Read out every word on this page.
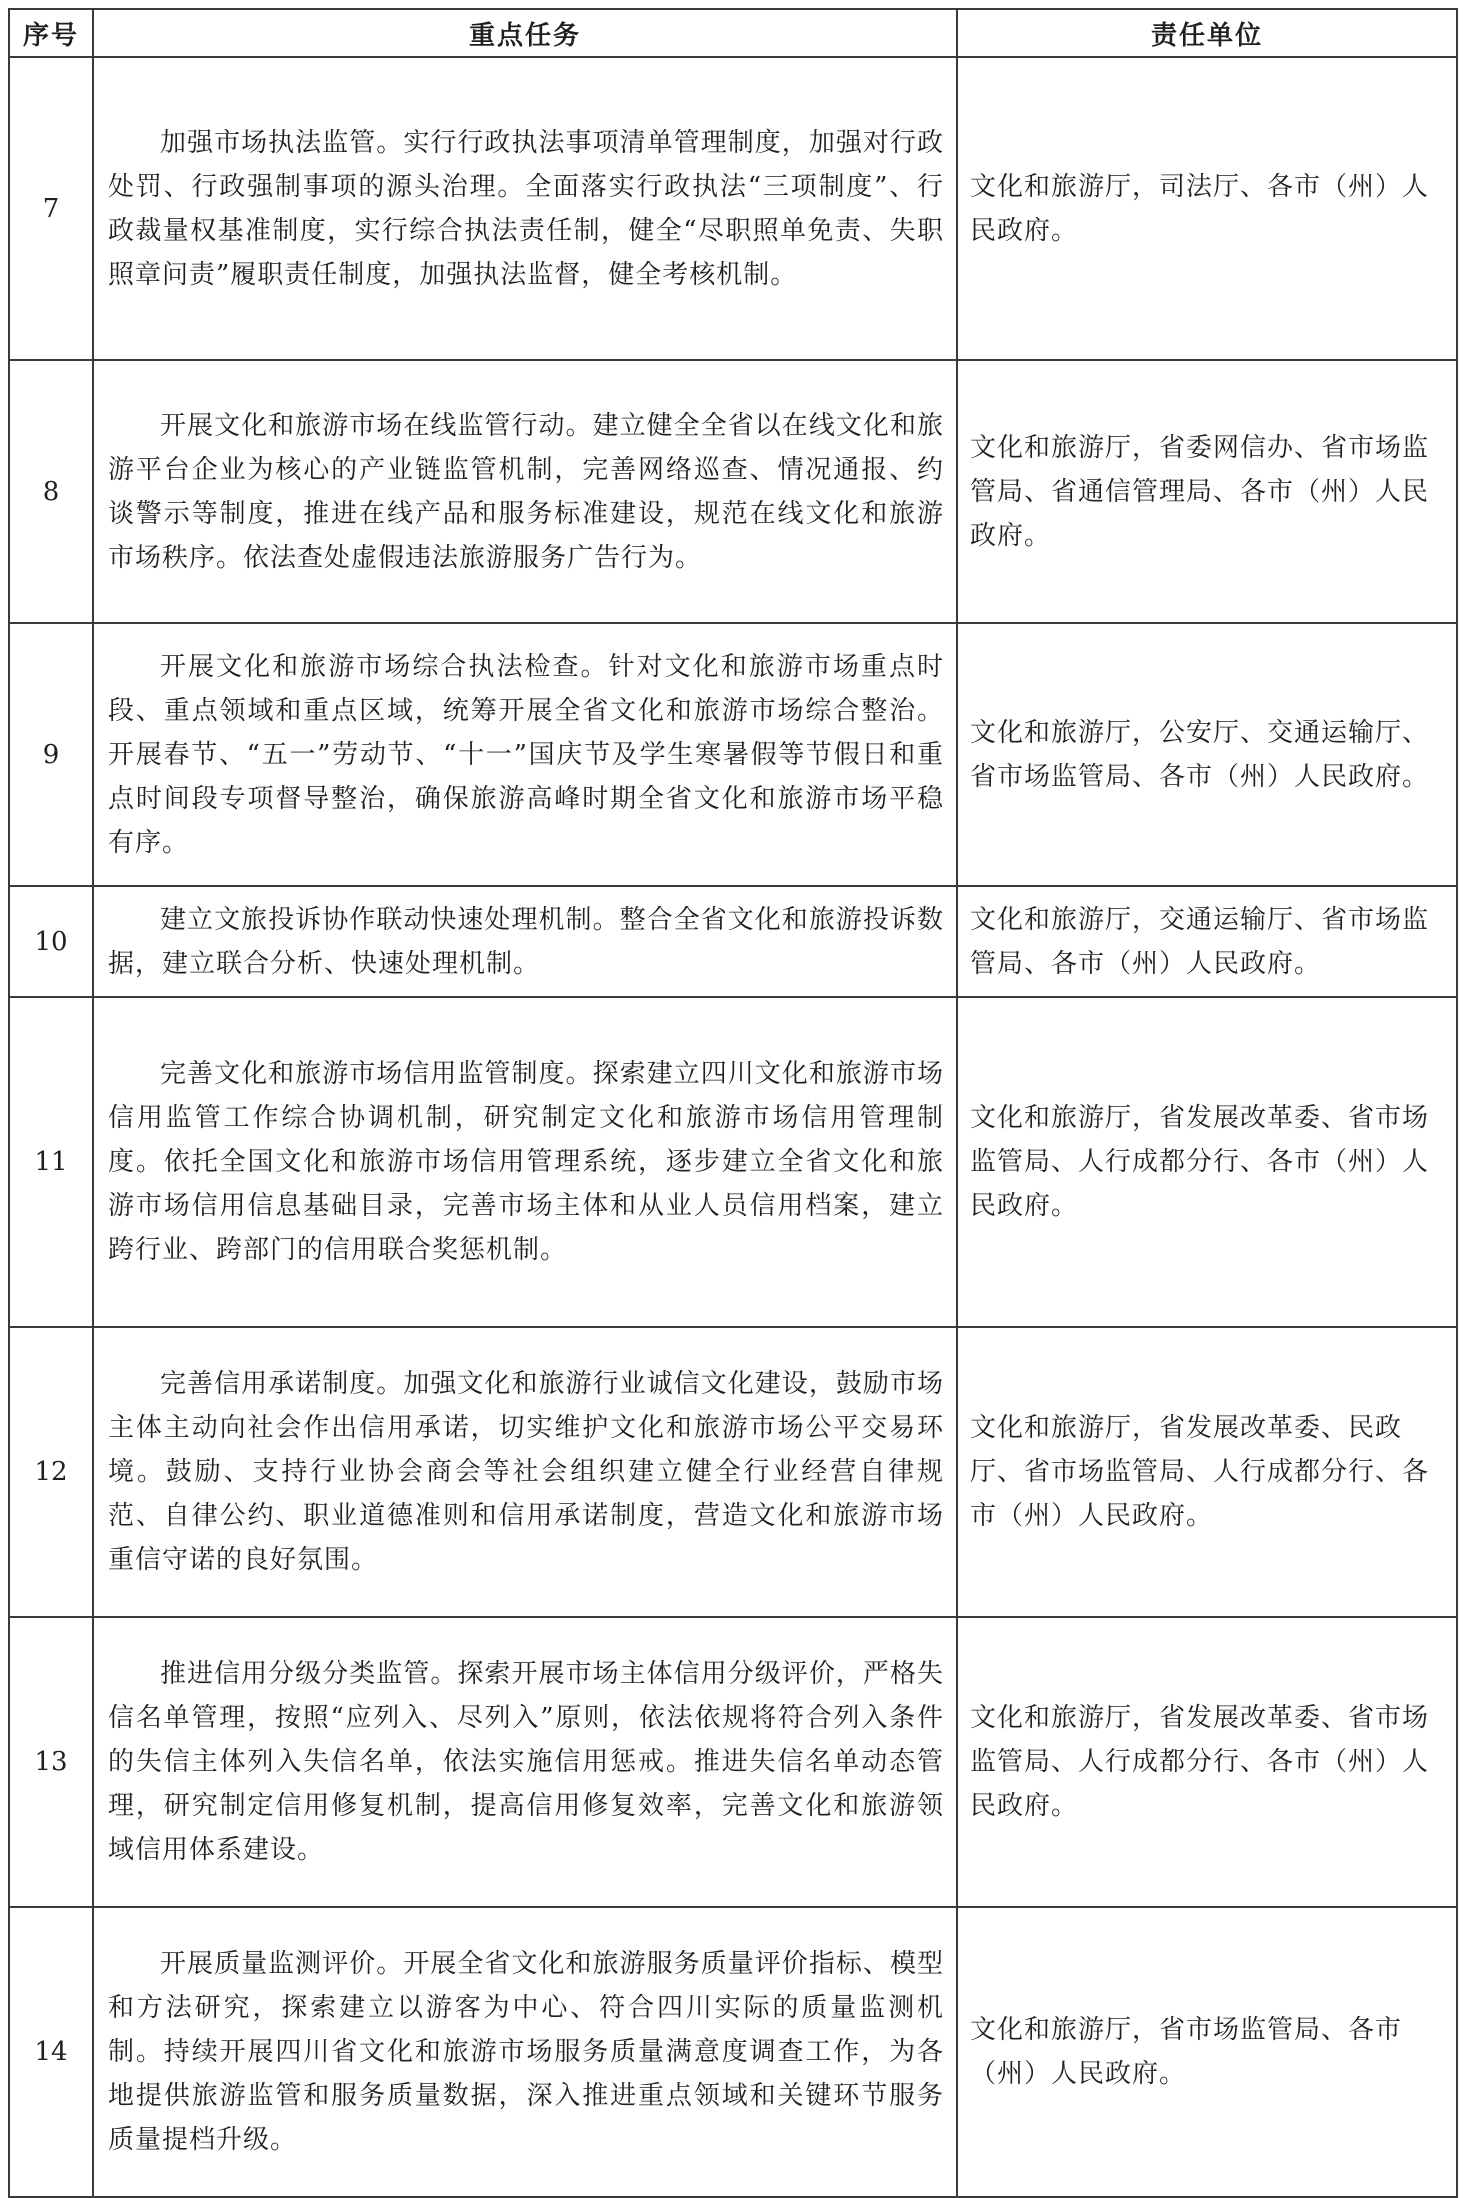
序号	重点任务	责任单位
7	加强市场执法监管。实行行政执法事项清单管理制度，加强对行政处罚、行政强制事项的源头治理。全面落实行政执法“三项制度”、行政裁量权基准制度，实行综合执法责任制，健全“尽职照单免责、失职照章问责”履职责任制度，加强执法监督，健全考核机制。	文化和旅游厅，司法厅、各市（州）人民政府。

8	开展文化和旅游市场在线监管行动。建立健全全省以在线文化和旅游平台企业为核心的产业链监管机制，完善网络巡查、情况通报、约谈警示等制度，推进在线产品和服务标准建设，规范在线文化和旅游市场秩序。依法查处虚假违法旅游服务广告行为。	文化和旅游厅，省委网信办、省市场监管局、省通信管理局、各市（州）人民政府。

9	开展文化和旅游市场综合执法检查。针对文化和旅游市场重点时段、重点领域和重点区域，统筹开展全省文化和旅游市场综合整治。开展春节、“五一”劳动节、“十一”国庆节及学生寒暑假等节假日和重点时间段专项督导整治，确保旅游高峰时期全省文化和旅游市场平稳有序。	文化和旅游厅，公安厅、交通运输厅、省市场监管局、各市（州）人民政府。

10	建立文旅投诉协作联动快速处理机制。整合全省文化和旅游投诉数据，建立联合分析、快速处理机制。	文化和旅游厅，交通运输厅、省市场监管局、各市（州）人民政府。

11	完善文化和旅游市场信用监管制度。探索建立四川文化和旅游市场信用监管工作综合协调机制，研究制定文化和旅游市场信用管理制度。依托全国文化和旅游市场信用管理系统，逐步建立全省文化和旅游市场信用信息基础目录，完善市场主体和从业人员信用档案，建立跨行业、跨部门的信用联合奖惩机制。	文化和旅游厅，省发展改革委、省市场监管局、人行成都分行、各市（州）人民政府。

12	完善信用承诺制度。加强文化和旅游行业诚信文化建设，鼓励市场主体主动向社会作出信用承诺，切实维护文化和旅游市场公平交易环境。鼓励、支持行业协会商会等社会组织建立健全行业经营自律规范、自律公约、职业道德准则和信用承诺制度，营造文化和旅游市场重信守诺的良好氛围。	文化和旅游厅，省发展改革委、民政厅、省市场监管局、人行成都分行、各市（州）人民政府。

13	推进信用分级分类监管。探索开展市场主体信用分级评价，严格失信名单管理，按照“应列入、尽列入”原则，依法依规将符合列入条件的失信主体列入失信名单，依法实施信用惩戒。推进失信名单动态管理，研究制定信用修复机制，提高信用修复效率，完善文化和旅游领域信用体系建设。	文化和旅游厅，省发展改革委、省市场监管局、人行成都分行、各市（州）人民政府。

14	开展质量监测评价。开展全省文化和旅游服务质量评价指标、模型和方法研究，探索建立以游客为中心、符合四川实际的质量监测机制。持续开展四川省文化和旅游市场服务质量满意度调查工作，为各地提供旅游监管和服务质量数据，深入推进重点领域和关键环节服务质量提档升级。	文化和旅游厅，省市场监管局、各市（州）人民政府。
